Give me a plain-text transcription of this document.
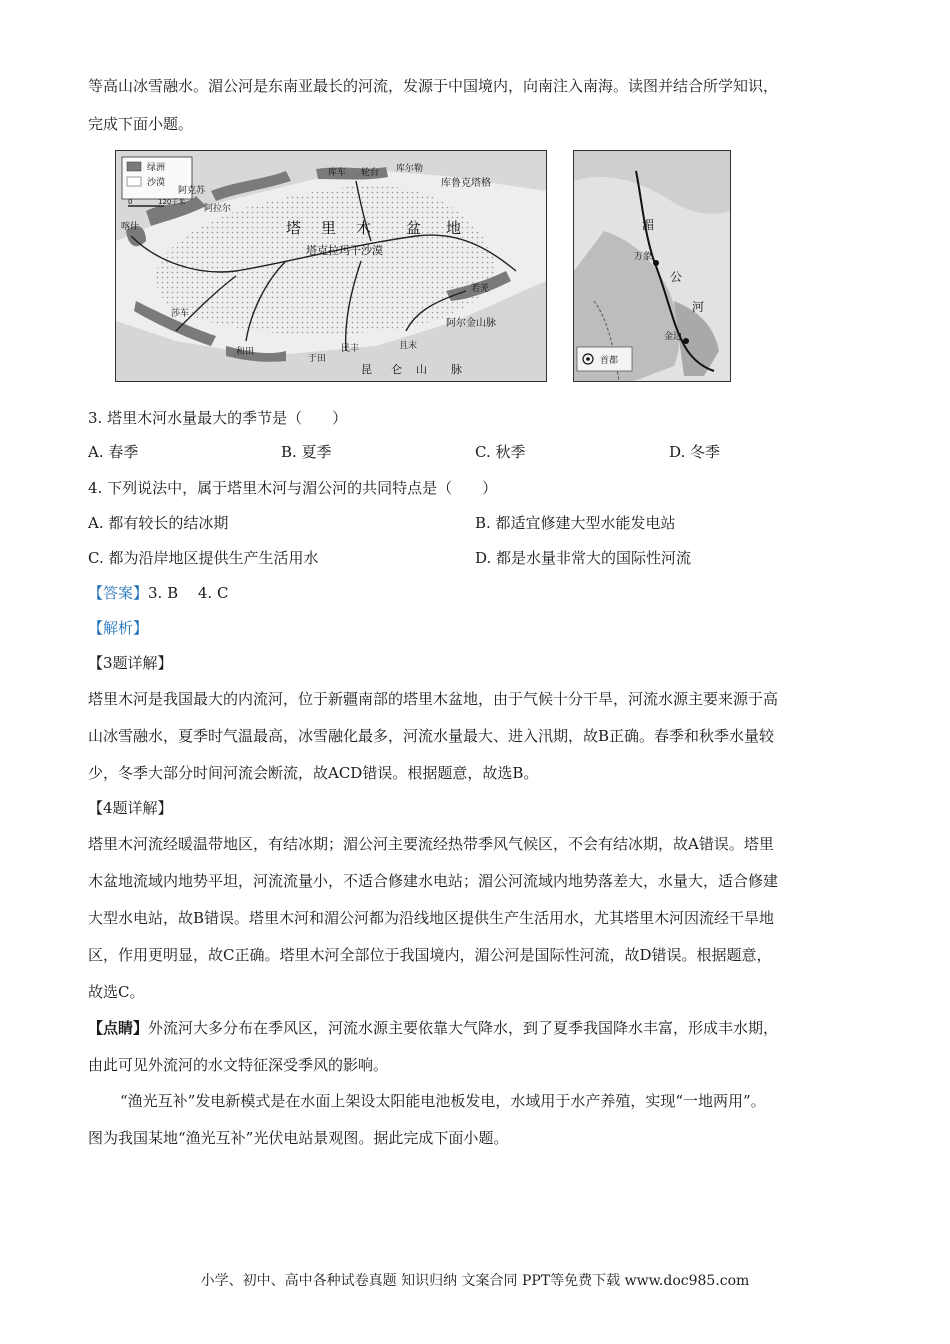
等高山冰雪融水。湄公河是东南亚最长的河流，发源于中国境内，向南注入南海。读图并结合所学知识，
完成下面小题。
绿洲
沙漠
0	120千米
塔 里 木 盆 地
塔克拉玛干沙漠
阿克苏
阿拉尔
喀什
莎车
和田
于田
民丰	且末
若羌
轮台 库尔勒
库车
库鲁克塔格
昆 仑 山 脉
阿尔金山脉
湄
公
河
万象
金边
首都
3. 塔里木河水量最大的季节是（　　）
A. 春季	B. 夏季	C. 秋季	D. 冬季
4. 下列说法中，属于塔里木河与湄公河的共同特点是（　　）
A. 都有较长的结冰期	B. 都适宜修建大型水能发电站
C. 都为沿岸地区提供生产生活用水	D. 都是水量非常大的国际性河流
【答案】3. B　 4. C
【解析】
【3题详解】
塔里木河是我国最大的内流河，位于新疆南部的塔里木盆地，由于气候十分干旱，河流水源主要来源于高
山冰雪融水，夏季时气温最高，冰雪融化最多，河流水量最大、进入汛期，故B正确。春季和秋季水量较
少，冬季大部分时间河流会断流，故ACD错误。根据题意，故选B。
【4题详解】
塔里木河流经暖温带地区，有结冰期；湄公河主要流经热带季风气候区，不会有结冰期，故A错误。塔里
木盆地流域内地势平坦，河流流量小，不适合修建水电站；湄公河流域内地势落差大，水量大，适合修建
大型水电站，故B错误。塔里木河和湄公河都为沿线地区提供生产生活用水，尤其塔里木河因流经干旱地
区，作用更明显，故C正确。塔里木河全部位于我国境内，湄公河是国际性河流，故D错误。根据题意，
故选C。
【点睛】外流河大多分布在季风区，河流水源主要依靠大气降水，到了夏季我国降水丰富，形成丰水期，
由此可见外流河的水文特征深受季风的影响。
“渔光互补”发电新模式是在水面上架设太阳能电池板发电，水域用于水产养殖，实现“一地两用”。
图为我国某地“渔光互补”光伏电站景观图。据此完成下面小题。
小学、初中、高中各种试卷真题 知识归纳 文案合同 PPT等免费下载 www.doc985.com
